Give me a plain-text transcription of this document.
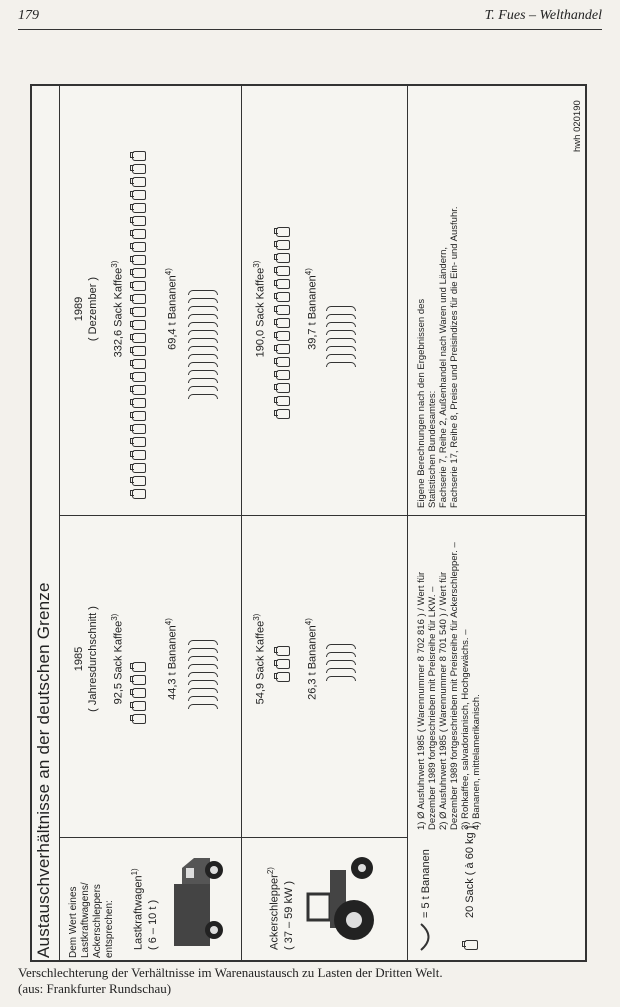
179	T. Fues – Welthandel
Austauschverhältnisse an der deutschen Grenze Dem Wert eines Lastkraftwagens/ Ackerschleppers entsprechen:
1985 ( Jahresdurchschnitt )
1989 ( Dezember )
Lastkraftwagen$^{1)}$
( 6 – 10 t )
92,5 Sack Kaffee$^{3)}$
44,3 t Bananen$^{4)}$
332,6 Sack Kaffee$^{3)}$
69,4 t Bananen$^{4)}$
Ackerschlepper$^{2)}$
( 37 – 59 kW )
54,9 Sack Kaffee$^{3)}$
26,3 t Bananen$^{4)}$
190,0 Sack Kaffee$^{3)}$
39,7 t Bananen$^{4)}$
= 5 t Bananen	20 Sack ( à 60 kg )
1) Ø Ausfuhrwert 1985 ( Warennummer 8 702 816 ) / Wert für Dezember 1989 fortgeschrieben mit Preisreihe für LKW. – 2) Ø Ausfuhrwert 1985 ( Warennummer 8 701 540 ) / Wert für Dezember 1989 fortgeschrieben mit Preisreihe für Ackerschlepper. – 3) Rohkaffee, salvadorianisch, Hochgewächs. – 4) Bananen, mittelamerikanisch.
Eigene Berechnungen nach den Ergebnissen des Statistischen Bundesamtes: Fachserie 7, Reihe 2, Außenhandel nach Waren und Ländern, Fachserie 17, Reihe 8, Preise und Preisindizes für die Ein- und Ausfuhr.
hwh 020190
Verschlechterung der Verhältnisse im Warenaustausch zu Lasten der Dritten Welt.
(aus: Frankfurter Rundschau)
